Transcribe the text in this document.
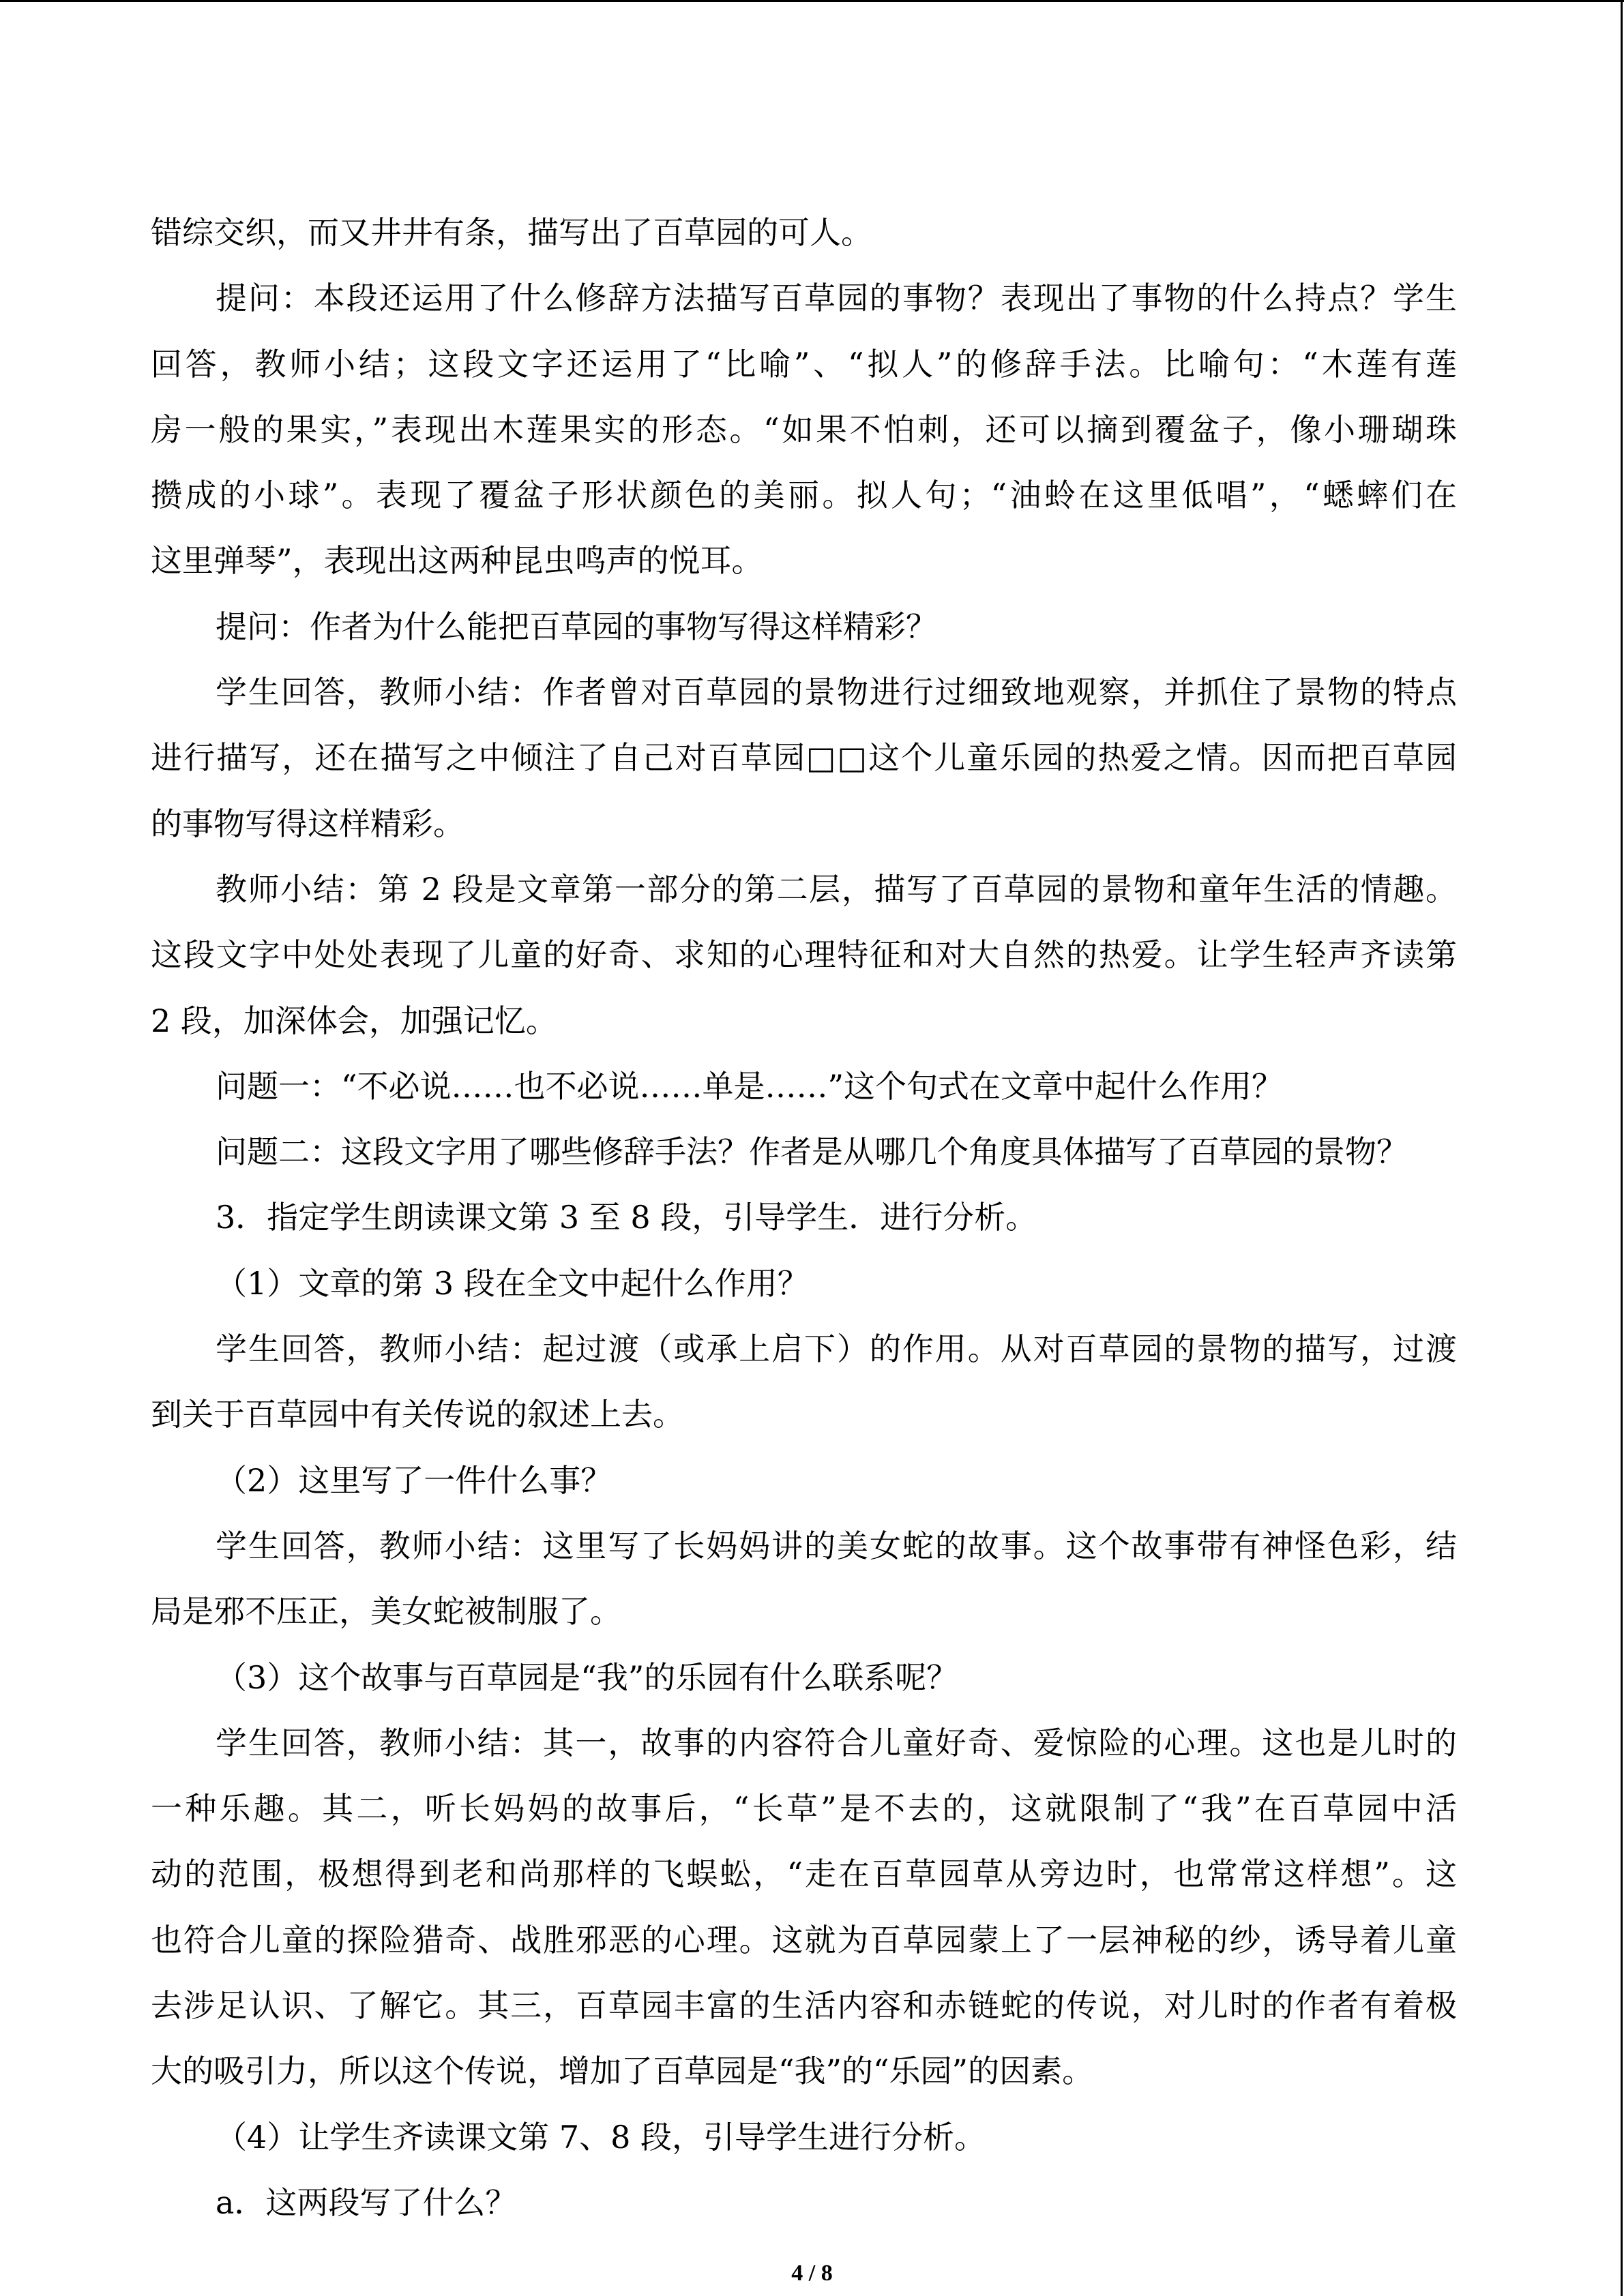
错综交织，而又井井有条，描写出了百草园的可人。
提问：本段还运用了什么修辞方法描写百草园的事物？表现出了事物的什么持点？学生
回答，教师小结；这段文字还运用了“比喻”、“拟人”的修辞手法。比喻句：“木莲有莲
房一般的果实，”表现出木莲果实的形态。“如果不怕刺，还可以摘到覆盆子，像小珊瑚珠
攒成的小球”。表现了覆盆子形状颜色的美丽。拟人句；“油蛉在这里低唱”，“蟋蟀们在
这里弹琴”，表现出这两种昆虫鸣声的悦耳。
提问：作者为什么能把百草园的事物写得这样精彩？
学生回答，教师小结：作者曾对百草园的景物进行过细致地观察，并抓住了景物的特点
进行描写，还在描写之中倾注了自己对百草园□□这个儿童乐园的热爱之情。因而把百草园
的事物写得这样精彩。
教师小结：第 2 段是文章第一部分的第二层，描写了百草园的景物和童年生活的情趣。
这段文字中处处表现了儿童的好奇、求知的心理特征和对大自然的热爱。让学生轻声齐读第
2 段，加深体会，加强记忆。
问题一：“不必说……也不必说……单是……”这个句式在文章中起什么作用？
问题二：这段文字用了哪些修辞手法？作者是从哪几个角度具体描写了百草园的景物？
3．指定学生朗读课文第 3 至 8 段，引导学生．进行分析。
（1）文章的第 3 段在全文中起什么作用？
学生回答，教师小结：起过渡（或承上启下）的作用。从对百草园的景物的描写，过渡
到关于百草园中有关传说的叙述上去。
（2）这里写了一件什么事？
学生回答，教师小结：这里写了长妈妈讲的美女蛇的故事。这个故事带有神怪色彩，结
局是邪不压正，美女蛇被制服了。
（3）这个故事与百草园是“我”的乐园有什么联系呢？
学生回答，教师小结：其一，故事的内容符合儿童好奇、爱惊险的心理。这也是儿时的
一种乐趣。其二，听长妈妈的故事后，“长草”是不去的，这就限制了“我”在百草园中活
动的范围，极想得到老和尚那样的飞蜈蚣，“走在百草园草从旁边时，也常常这样想”。这
也符合儿童的探险猎奇、战胜邪恶的心理。这就为百草园蒙上了一层神秘的纱，诱导着儿童
去涉足认识、了解它。其三，百草园丰富的生活内容和赤链蛇的传说，对儿时的作者有着极
大的吸引力，所以这个传说，增加了百草园是“我”的“乐园”的因素。
（4）让学生齐读课文第 7、8 段，引导学生进行分析。
a．这两段写了什么？
4 / 8
